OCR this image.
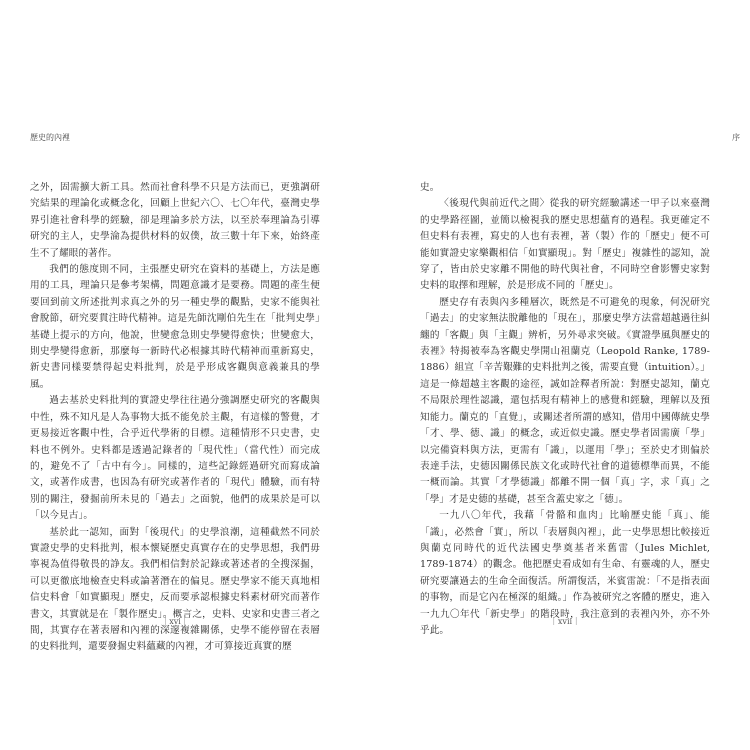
歷史的內裡

之外，固需擴大新工具。然而社會科學不只是方法而已，更強調研究結果的理論化或概念化，回顧上世紀六〇、七〇年代，臺灣史學界引進社會科學的經驗，卻是理論多於方法，以至於奉理論為引導研究的主人，史學淪為提供材料的奴僕，故三數十年下來，始終產生不了耀眼的著作。

我們的態度則不同，主張歷史研究在資料的基礎上，方法是應用的工具，理論只是參考架構，問題意識才是要務。問題的產生便要回到前文所述批判求真之外的另一種史學的觀點，史家不能與社會脫節，研究要貫注時代精神。這是先師沈剛伯先生在「批判史學」基礎上提示的方向，他說，世變愈急則史學變得愈快；世變愈大，則史學變得愈新，那麼每一新時代必根據其時代精神而重新寫史，新史書同樣要禁得起史料批判，於是乎形成客觀與意義兼具的學風。

過去基於史料批判的實證史學往往過分強調歷史研究的客觀與中性，殊不知凡是人為事物大抵不能免於主觀，有這樣的警覺，才更易接近客觀中性，合乎近代學術的目標。這種情形不只史書，史料也不例外。史料都是透過記錄者的「現代性」（當代性）而完成的，避免不了「古中有今」。同樣的，這些記錄經過研究而寫成論文，或著作成書，也因為有研究或著作者的「現代」體驗，而有特別的關注，發掘前所未見的「過去」之面貌，他們的成果於是可以「以今見古」。

基於此一認知，面對「後現代」的史學浪潮，這種截然不同於實證史學的史料批判，根本懷疑歷史真實存在的史學思想，我們毋寧視為值得敬畏的諍友。我們相信對於記錄或著述者的全搜深掘，可以更徹底地檢查史料或論著潛在的偏見。歷史學家不能天真地相信史料會「如實顯現」歷史，反而要承認根據史料素材研究而著作書文，其實就是在「製作歷史」。概言之，史料、史家和史書三者之間，其實存在著表層和內裡的深邃複雜關係，史學不能停留在表層的史料批判，還要發掘史料蘊藏的內裡，才可算接近真實的歷

｜xvi｜
序

史。

〈後現代與前近代之間〉從我的研究經驗講述一甲子以來臺灣的史學路徑圖，並簡以檢視我的歷史思想蘊育的過程。我更確定不但史料有表裡，寫史的人也有表裡，著（製）作的「歷史」便不可能如實證史家樂觀相信「如實顯現」。對「歷史」複雜性的認知，說穿了，皆由於史家離不開他的時代與社會，不同時空會影響史家對史料的取擇和理解，於是形成不同的「歷史」。

歷史存有表與內多種層次，既然是不可避免的現象，何況研究「過去」的史家無法脫離他的「現在」，那麼史學方法當超越過往糾纏的「客觀」與「主觀」辨析，另外尋求突破。《實證學風與歷史的表裡》特揭被奉為客觀史學開山祖蘭克（Leopold Ranke, 1789-1886）組宣「辛苦艱難的史料批判之後，需要直覺（intuition）。」這是一條超越主客觀的途徑，誠如詮釋者所說：對歷史認知，蘭克不局限於理性認識，還包括現有精神上的感覺和經驗，理解以及預知能力。蘭克的「直覺」，或關述者所謂的感知，借用中國傳統史學「才、學、德、識」的概念，或近似史識。歷史學者固需廣「學」以完備資料與方法，更需有「識」，以運用「學」；至於史才則偏於表達手法，史德因關係民族文化或時代社會的道德標準而異，不能一概而論。其實「才學德識」都離不開一個「真」字，求「真」之「學」才是史德的基礎，甚至含蓋史家之「德」。

一九八〇年代，我藉「骨骼和血肉」比喻歷史能「真」、能「識」，必然會「實」，所以「表層與內裡」，此一史學思想比較接近與蘭克同時代的近代法國史學奠基者米舊雷（Jules Michlet, 1789-1874）的觀念。他把歷史看成如有生命、有靈魂的人，歷史研究要讓過去的生命全面復活。所謂復活，米賓雷說：「不是指表面的事物，而是它內在極深的組織。」作為被研究之客體的歷史，進入一九九〇年代「新史學」的階段時，我注意到的表裡內外，亦不外乎此。

｜xvii｜
